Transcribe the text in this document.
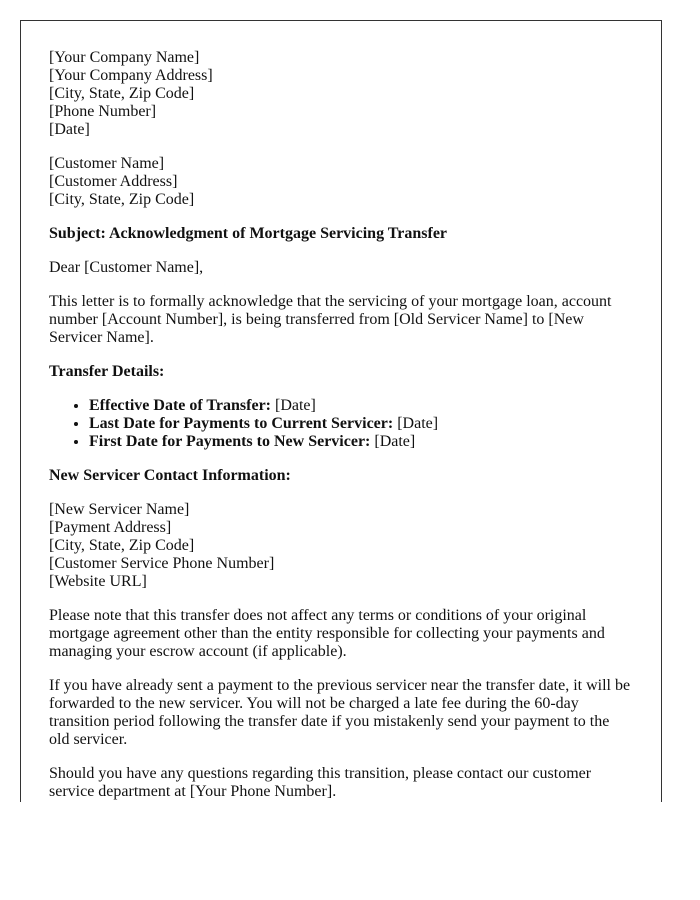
[Your Company Name]
[Your Company Address]
[City, State, Zip Code]
[Phone Number]
[Date]
[Customer Name]
[Customer Address]
[City, State, Zip Code]

Subject: Acknowledgment of Mortgage Servicing Transfer

Dear [Customer Name],

This letter is to formally acknowledge that the servicing of your mortgage loan, account number [Account Number], is being transferred from [Old Servicer Name] to [New Servicer Name].

Transfer Details:

• Effective Date of Transfer: [Date]
• Last Date for Payments to Current Servicer: [Date]
• First Date for Payments to New Servicer: [Date]

New Servicer Contact Information:

[New Servicer Name]
[Payment Address]
[City, State, Zip Code]
[Customer Service Phone Number]
[Website URL]

Please note that this transfer does not affect any terms or conditions of your original mortgage agreement other than the entity responsible for collecting your payments and managing your escrow account (if applicable).

If you have already sent a payment to the previous servicer near the transfer date, it will be forwarded to the new servicer. You will not be charged a late fee during the 60-day transition period following the transfer date if you mistakenly send your payment to the old servicer.

Should you have any questions regarding this transition, please contact our customer service department at [Your Phone Number].
